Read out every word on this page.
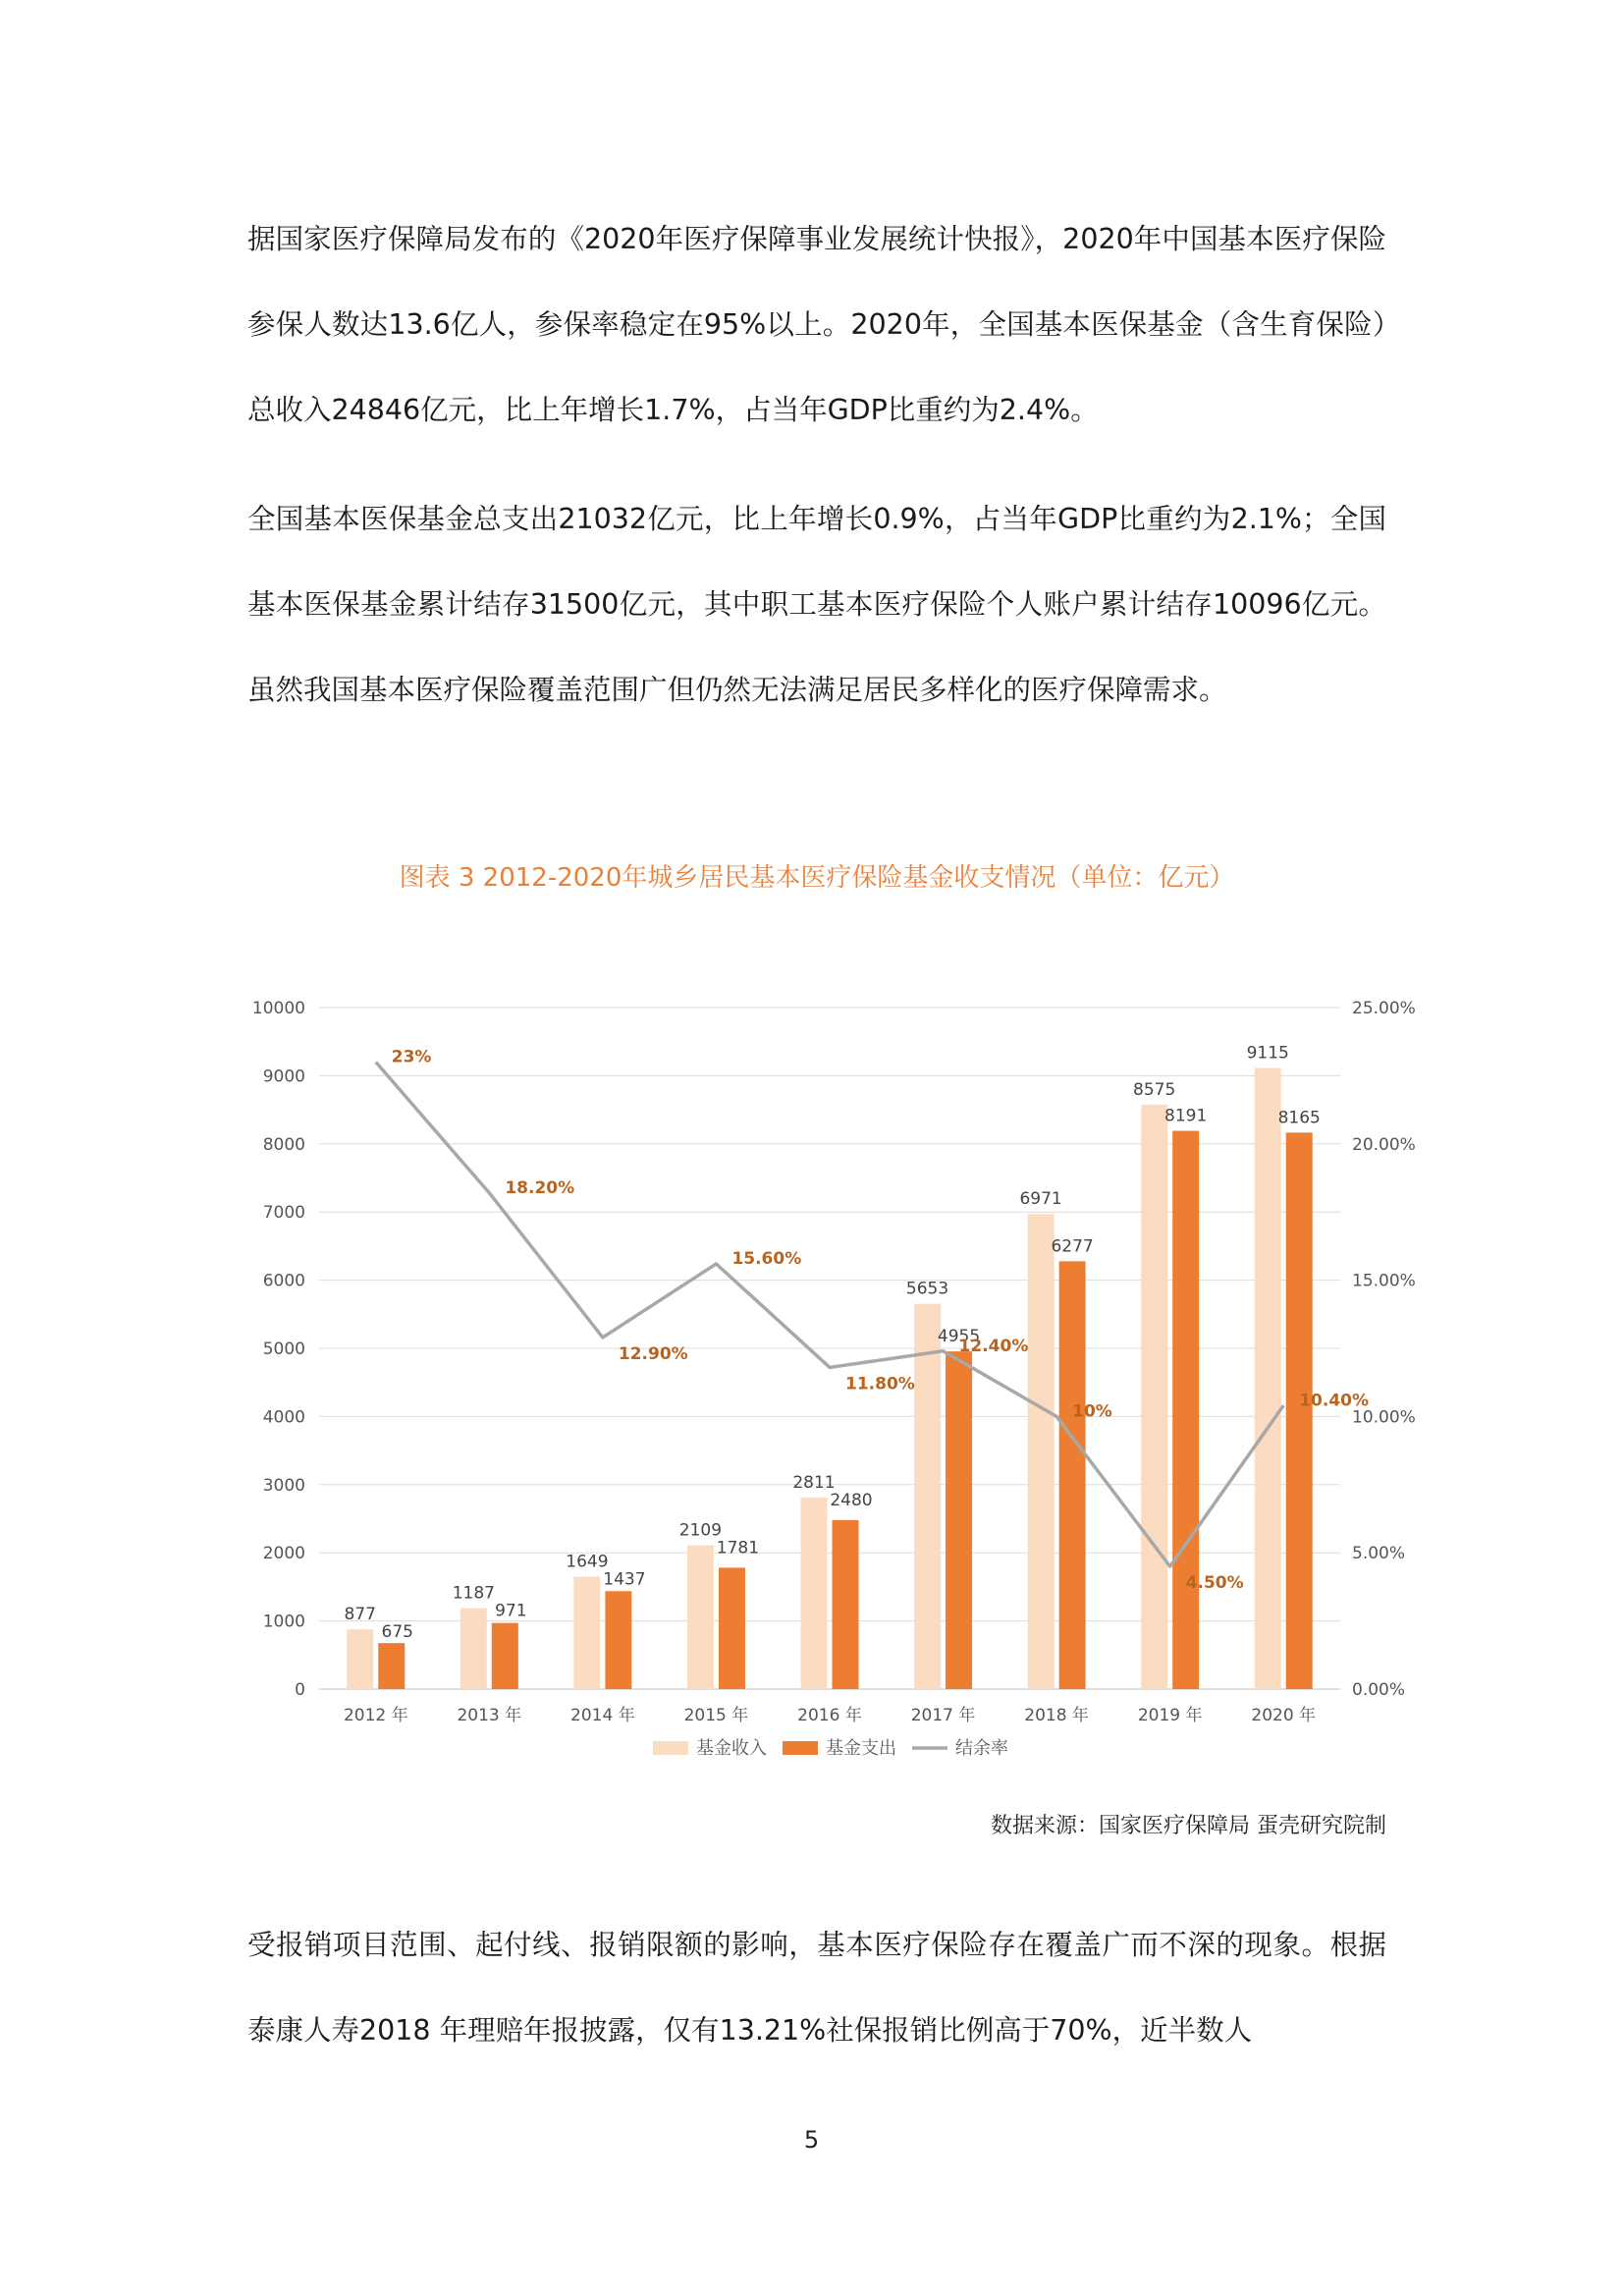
据国家医疗保障局发布的《2020年医疗保障事业发展统计快报》，2020年中国基本医疗保险参保人数达13.6亿人，参保率稳定在95%以上。2020年，全国基本医保基金（含生育保险）总收入24846亿元，比上年增长1.7%，占当年GDP比重约为2.4%。

全国基本医保基金总支出21032亿元，比上年增长0.9%，占当年GDP比重约为2.1%；全国基本医保基金累计结存31500亿元，其中职工基本医疗保险个人账户累计结存10096亿元。虽然我国基本医疗保险覆盖范围广但仍然无法满足居民多样化的医疗保障需求。

图表 3 2012-2020年城乡居民基本医疗保险基金收支情况（单位：亿元）
0
1000
2000
3000
4000
5000
6000
7000
8000
9000
10000
0.00%
5.00%
10.00%
15.00%
20.00%
25.00%
877
675
1187
971
1649
1437
2109
1781
2811
2480
5653
4955
6971
6277
8575
8191
9115
8165
23%
18.20%
12.90%
15.60%
11.80%
12.40%
10%
4.50%
10.40%
2012 年	2013 年	2014 年	2015 年	2016 年	2017 年	2018 年	2019 年	2020 年
基金收入	基金支出	结余率
数据来源：国家医疗保障局 蛋壳研究院制

受报销项目范围、起付线、报销限额的影响，基本医疗保险存在覆盖广而不深的现象。根据泰康人寿2018 年理赔年报披露，仅有13.21%社保报销比例高于70%，近半数人

5
